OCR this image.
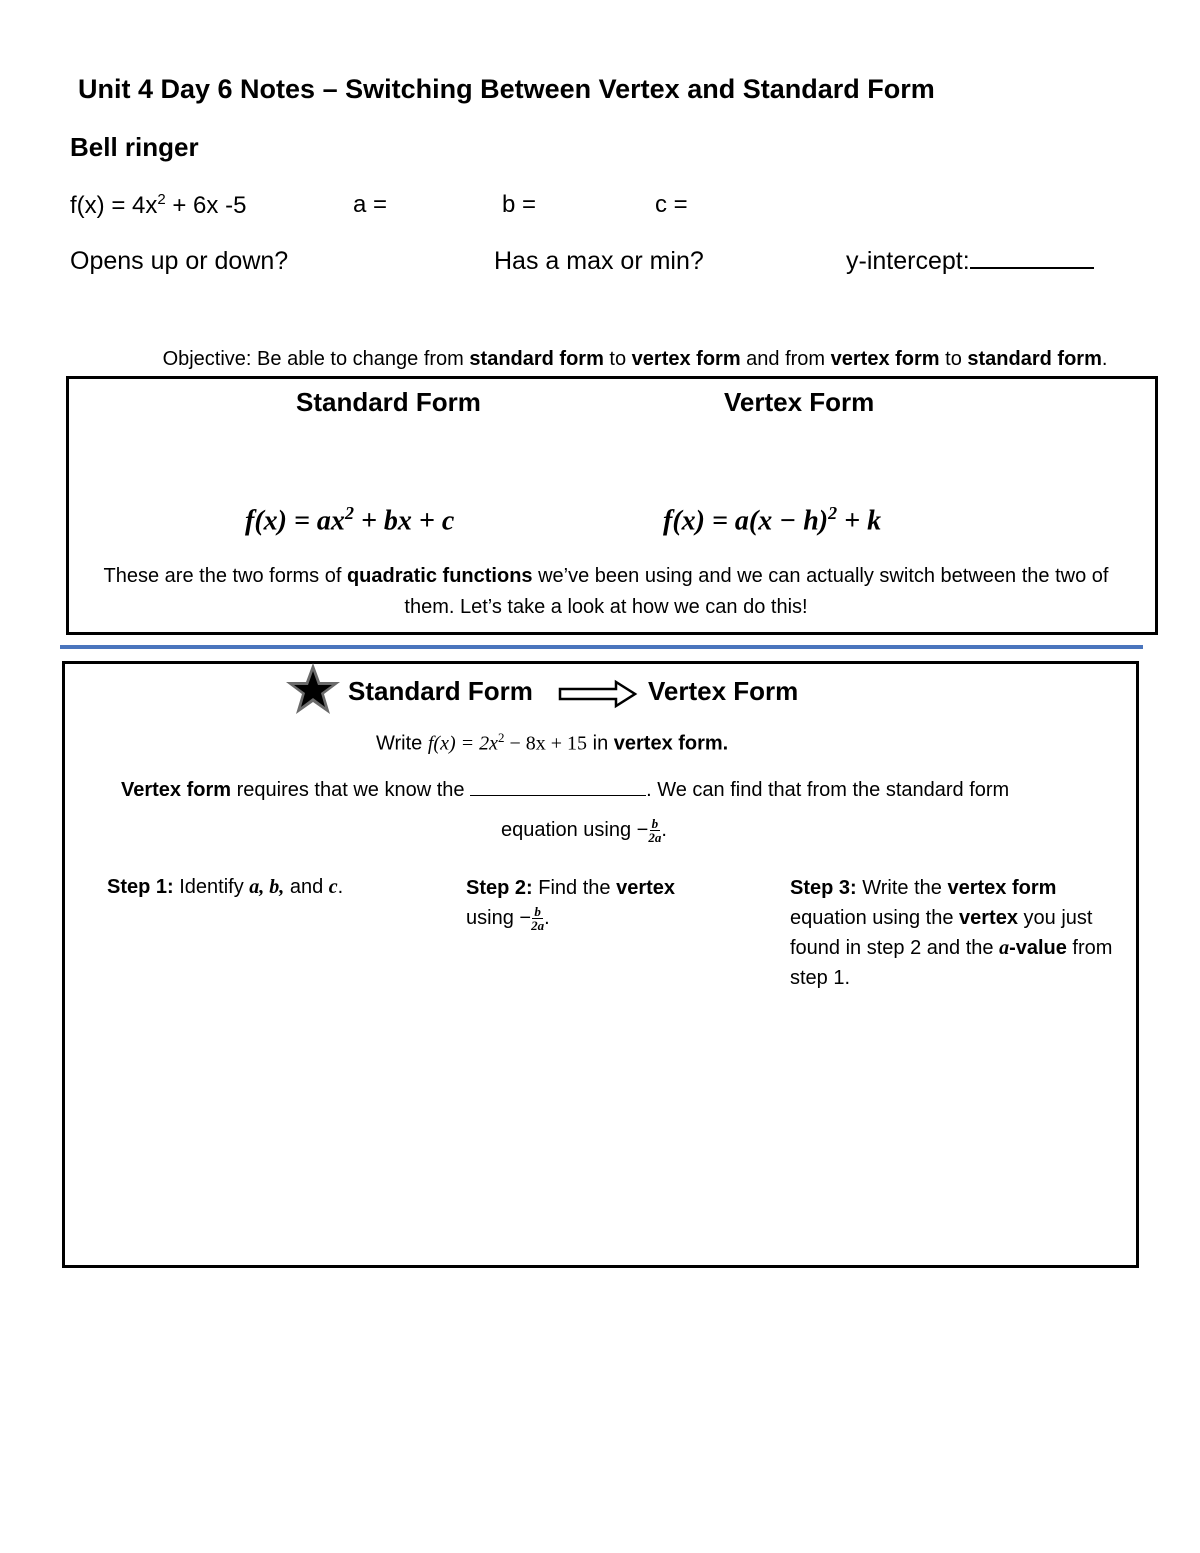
Unit 4 Day 6 Notes – Switching Between Vertex and Standard Form
Bell ringer
$f(x) = 4x^2 + 6x$ -5	a =	b =	c =
Opens up or down?	Has a max or min?	y-intercept:
Objective: Be able to change from standard form to vertex form and from vertex form to standard form.
Standard Form	Vertex Form
$f(x) = ax^2$ + bx + c	$f(x) = a(x - h)^2 + k$
These are the two forms of quadratic functions we’ve been using and we can actually switch between the two of them. Let’s take a look at how we can do this!
Standard Form	Vertex Form
Write $f(x) = 2x^2 - 8x + 15$ in vertex form.
Vertex form requires that we know the	. We can find that from the standard form
equation $using - \frac{b}{2a}$ .
Step 1: Identify a, b, and c.	Step 2: Find the vertex
$using - \frac{b}{2a}$ .
Step 3: Write the vertex form equation using the vertex you just found in step 2 and the a-value from step 1.
